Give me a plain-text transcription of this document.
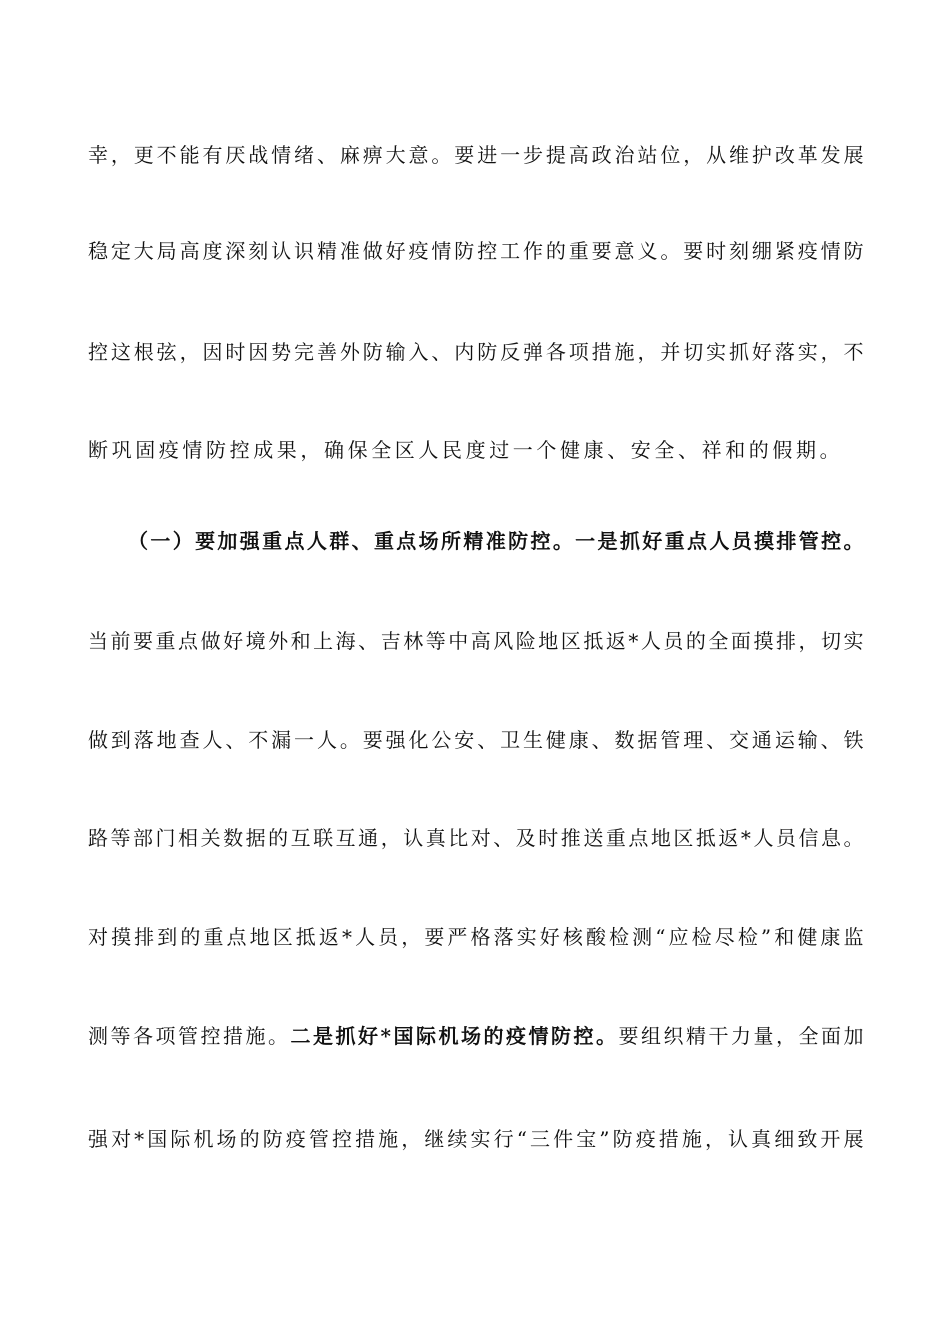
幸，更不能有厌战情绪、麻痹大意。要进一步提高政治站位，从维护改革发展
稳定大局高度深刻认识精准做好疫情防控工作的重要意义。要时刻绷紧疫情防
控这根弦，因时因势完善外防输入、内防反弹各项措施，并切实抓好落实，不
断巩固疫情防控成果，确保全区人民度过一个健康、安全、祥和的假期。
（一）要加强重点人群、重点场所精准防控。一是抓好重点人员摸排管控。
当前要重点做好境外和上海、吉林等中高风险地区抵返*人员的全面摸排，切实
做到落地查人、不漏一人。要强化公安、卫生健康、数据管理、交通运输、铁
路等部门相关数据的互联互通，认真比对、及时推送重点地区抵返*人员信息。
对摸排到的重点地区抵返*人员，要严格落实好核酸检测“应检尽检”和健康监
测等各项管控措施。二是抓好*国际机场的疫情防控。要组织精干力量，全面加
强对*国际机场的防疫管控措施，继续实行“三件宝”防疫措施，认真细致开展
